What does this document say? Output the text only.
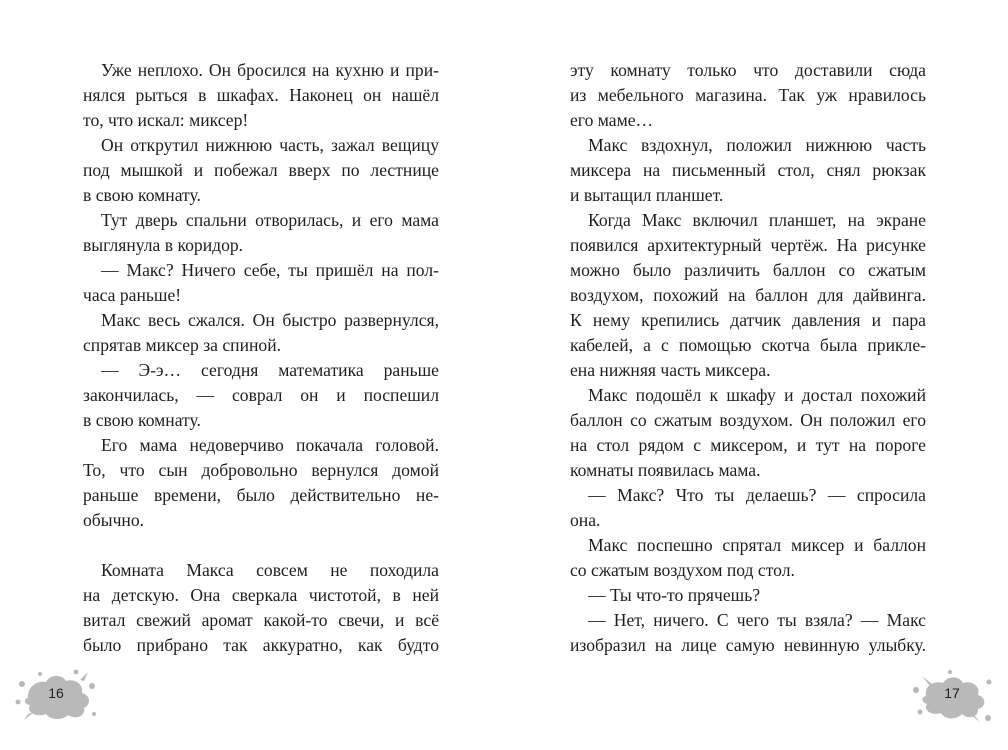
Уже неплохо. Он бросился на кухню и при-
нялся рыться в шкафах. Наконец он нашёл
то, что искал: миксер!
Он открутил нижнюю часть, зажал вещицу
под мышкой и побежал вверх по лестнице
в свою комнату.
Тут дверь спальни отворилась, и его мама
выглянула в коридор.
— Макс? Ничего себе, ты пришёл на пол-
часа раньше!
Макс весь сжался. Он быстро развернулся,
спрятав миксер за спиной.
— Э-э… сегодня математика раньше
закончилась, — соврал он и поспешил
в свою комнату.
Его мама недоверчиво покачала головой.
То, что сын добровольно вернулся домой
раньше времени, было действительно не-
обычно.
Комната Макса совсем не походила
на детскую. Она сверкала чистотой, в ней
витал свежий аромат какой-то свечи, и всё
было прибрано так аккуратно, как будто
эту комнату только что доставили сюда
из мебельного магазина. Так уж нравилось
его маме…
Макс вздохнул, положил нижнюю часть
миксера на письменный стол, снял рюкзак
и вытащил планшет.
Когда Макс включил планшет, на экране
появился архитектурный чертёж. На рисунке
можно было различить баллон со сжатым
воздухом, похожий на баллон для дайвинга.
К нему крепились датчик давления и пара
кабелей, а с помощью скотча была прикле-
ена нижняя часть миксера.
Макс подошёл к шкафу и достал похожий
баллон со сжатым воздухом. Он положил его
на стол рядом с миксером, и тут на пороге
комнаты появилась мама.
— Макс? Что ты делаешь? — спросила
она.
Макс поспешно спрятал миксер и баллон
со сжатым воздухом под стол.
— Ты что-то прячешь?
— Нет, ничего. С чего ты взяла? — Макс
изобразил на лице самую невинную улыбку.
16	17
